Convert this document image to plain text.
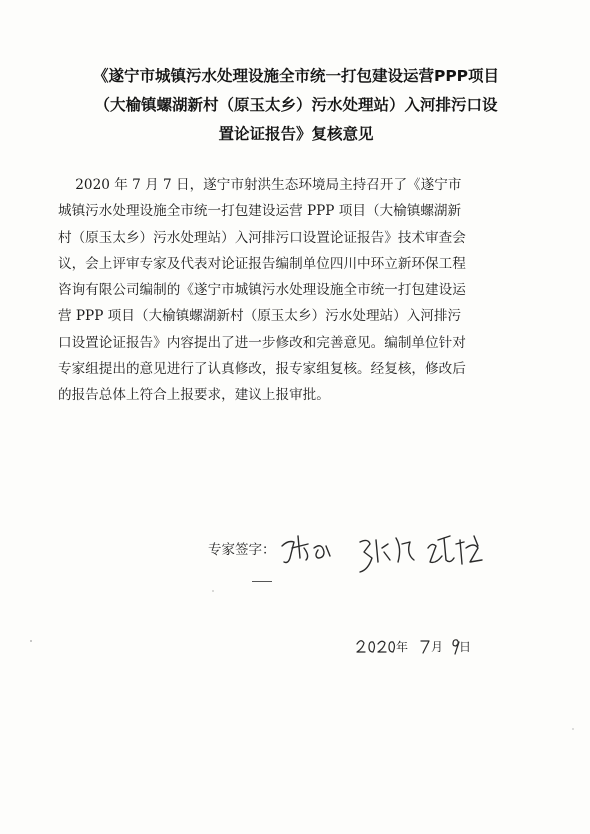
《遂宁市城镇污水处理设施全市统一打包建设运营PPP项目
（大榆镇螺湖新村（原玉太乡）污水处理站）入河排污口设
置论证报告》复核意见
2020 年 7 月 7 日，遂宁市射洪生态环境局主持召开了《遂宁市
城镇污水处理设施全市统一打包建设运营 PPP 项目（大榆镇螺湖新
村（原玉太乡）污水处理站）入河排污口设置论证报告》技术审查会
议，会上评审专家及代表对论证报告编制单位四川中环立新环保工程
咨询有限公司编制的《遂宁市城镇污水处理设施全市统一打包建设运
营 PPP 项目（大榆镇螺湖新村（原玉太乡）污水处理站）入河排污
口设置论证报告》内容提出了进一步修改和完善意见。编制单位针对
专家组提出的意见进行了认真修改，报专家组复核。经复核，修改后
的报告总体上符合上报要求，建议上报审批。
专家签字：
年 月 日
